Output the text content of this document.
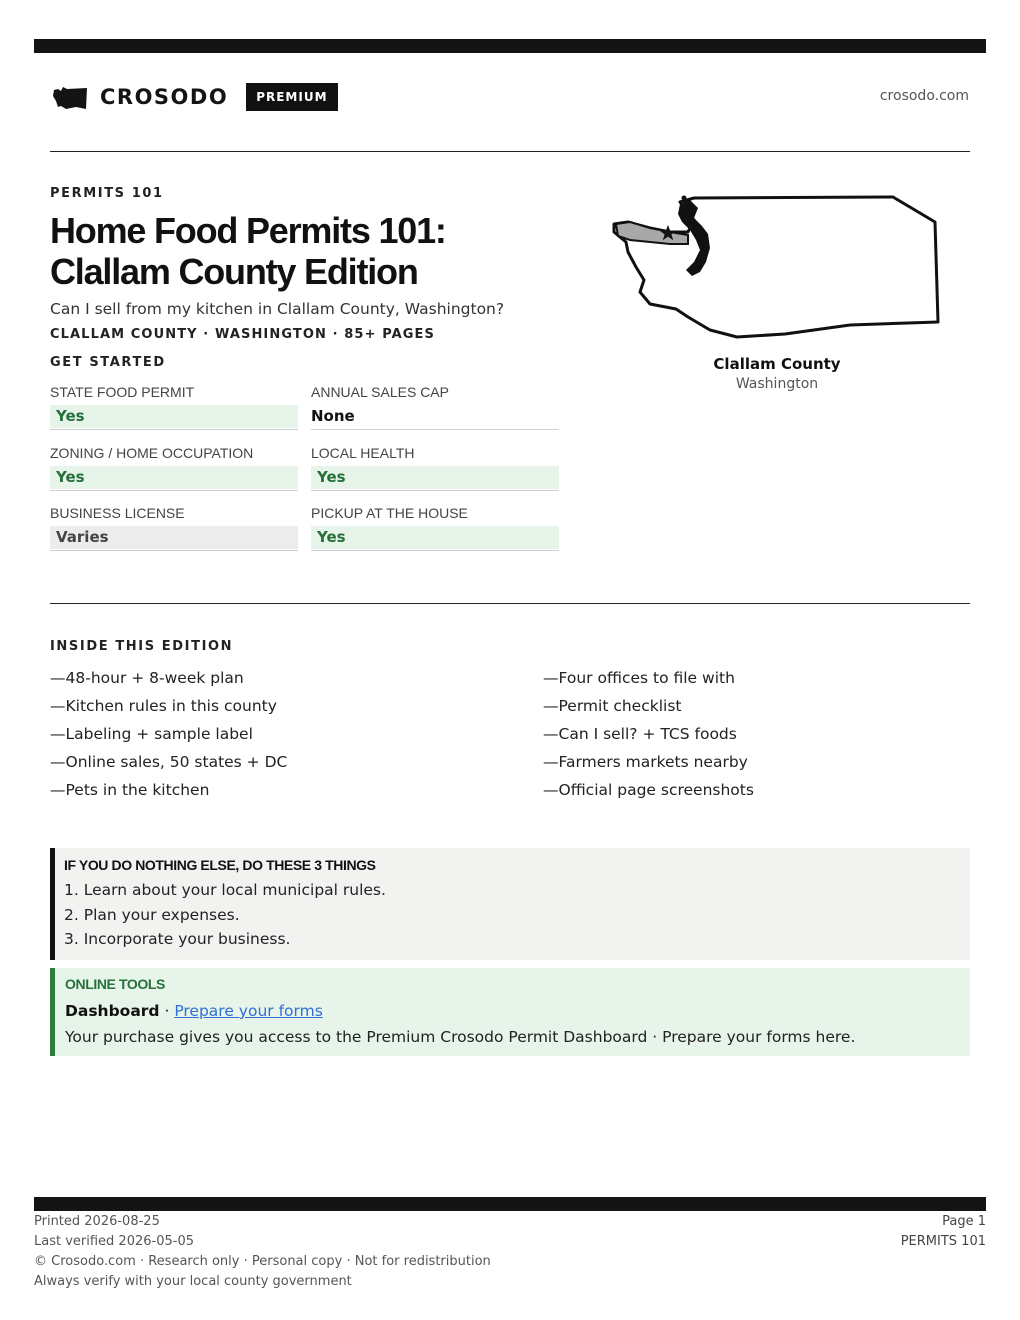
CROSODO	PREMIUM	crosodo.com
PERMITS 101
Home Food Permits 101: Clallam County Edition
Can I sell from my kitchen in Clallam County, Washington?
CLALLAM COUNTY · WASHINGTON · 85+ PAGES
GET STARTED
STATE FOOD PERMIT
Yes
ANNUAL SALES CAP
None
ZONING / HOME OCCUPATION
Yes
LOCAL HEALTH
Yes
BUSINESS LICENSE
Varies
PICKUP AT THE HOUSE
Yes
Clallam County
Washington
INSIDE THIS EDITION
—48-hour + 8-week plan
—Kitchen rules in this county
—Labeling + sample label
—Online sales, 50 states + DC
—Pets in the kitchen
—Four offices to file with
—Permit checklist
—Can I sell? + TCS foods
—Farmers markets nearby
—Official page screenshots
IF YOU DO NOTHING ELSE, DO THESE 3 THINGS
1. Learn about your local municipal rules.
2. Plan your expenses.
3. Incorporate your business.
ONLINE TOOLS
Dashboard · Prepare your forms
Your purchase gives you access to the Premium Crosodo Permit Dashboard · Prepare your forms here.
Printed 2026-08-25
Last verified 2026-05-05
© Crosodo.com · Research only · Personal copy · Not for redistribution
Always verify with your local county government
Page 1
PERMITS 101
